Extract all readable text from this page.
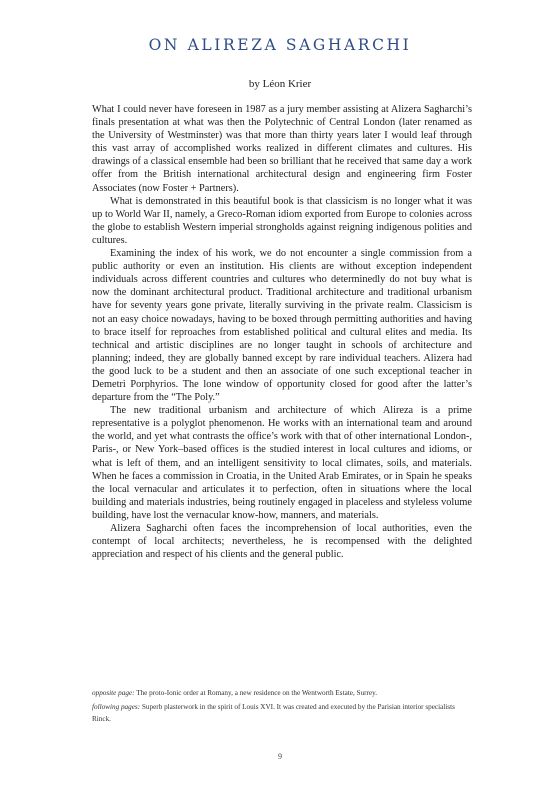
ON ALIREZA SAGHARCHI

by Léon Krier

What I could never have foreseen in 1987 as a jury member assisting at Alizera Sagharchi’s finals presentation at what was then the Polytechnic of Central London (later renamed as the University of Westminster) was that more than thirty years later I would leaf through this vast array of accomplished works realized in different climates and cultures. His drawings of a classical ensemble had been so brilliant that he received that same day a work offer from the British international architectural design and engineering firm Foster Associates (now Foster + Partners).

What is demonstrated in this beautiful book is that classicism is no longer what it was up to World War II, namely, a Greco-Roman idiom exported from Europe to colonies across the globe to establish Western imperial strongholds against reigning indigenous polities and cultures.

Examining the index of his work, we do not encounter a single commission from a public authority or even an institution. His clients are without exception independent individuals across different countries and cultures who determinedly do not buy what is now the dominant architectural product. Traditional architecture and traditional urbanism have for seventy years gone private, literally surviving in the private realm. Classicism is not an easy choice nowadays, having to be boxed through permitting authorities and having to brace itself for reproaches from established political and cultural elites and media. Its technical and artistic disciplines are no longer taught in schools of architecture and planning; indeed, they are globally banned except by rare individual teachers. Alizera had the good luck to be a student and then an associate of one such exceptional teacher in Demetri Porphyrios. The lone window of opportunity closed for good after the latter’s departure from the “The Poly.”

The new traditional urbanism and architecture of which Alireza is a prime representative is a polyglot phenomenon. He works with an international team and around the world, and yet what contrasts the office’s work with that of other international London-, Paris-, or New York–based offices is the studied interest in local cultures and idioms, or what is left of them, and an intelligent sensitivity to local climates, soils, and materials. When he faces a commission in Croatia, in the United Arab Emirates, or in Spain he speaks the local vernacular and articulates it to perfection, often in situations where the local building and materials industries, being routinely engaged in placeless and styleless volume building, have lost the vernacular know-how, manners, and materials.

Alizera Sagharchi often faces the incomprehension of local authorities, even the contempt of local architects; nevertheless, he is recompensed with the delighted appreciation and respect of his clients and the general public.

opposite page: The proto-Ionic order at Romany, a new residence on the Wentworth Estate, Surrey.

following pages: Superb plasterwork in the spirit of Louis XVI. It was created and executed by the Parisian interior specialists Rinck.

9
